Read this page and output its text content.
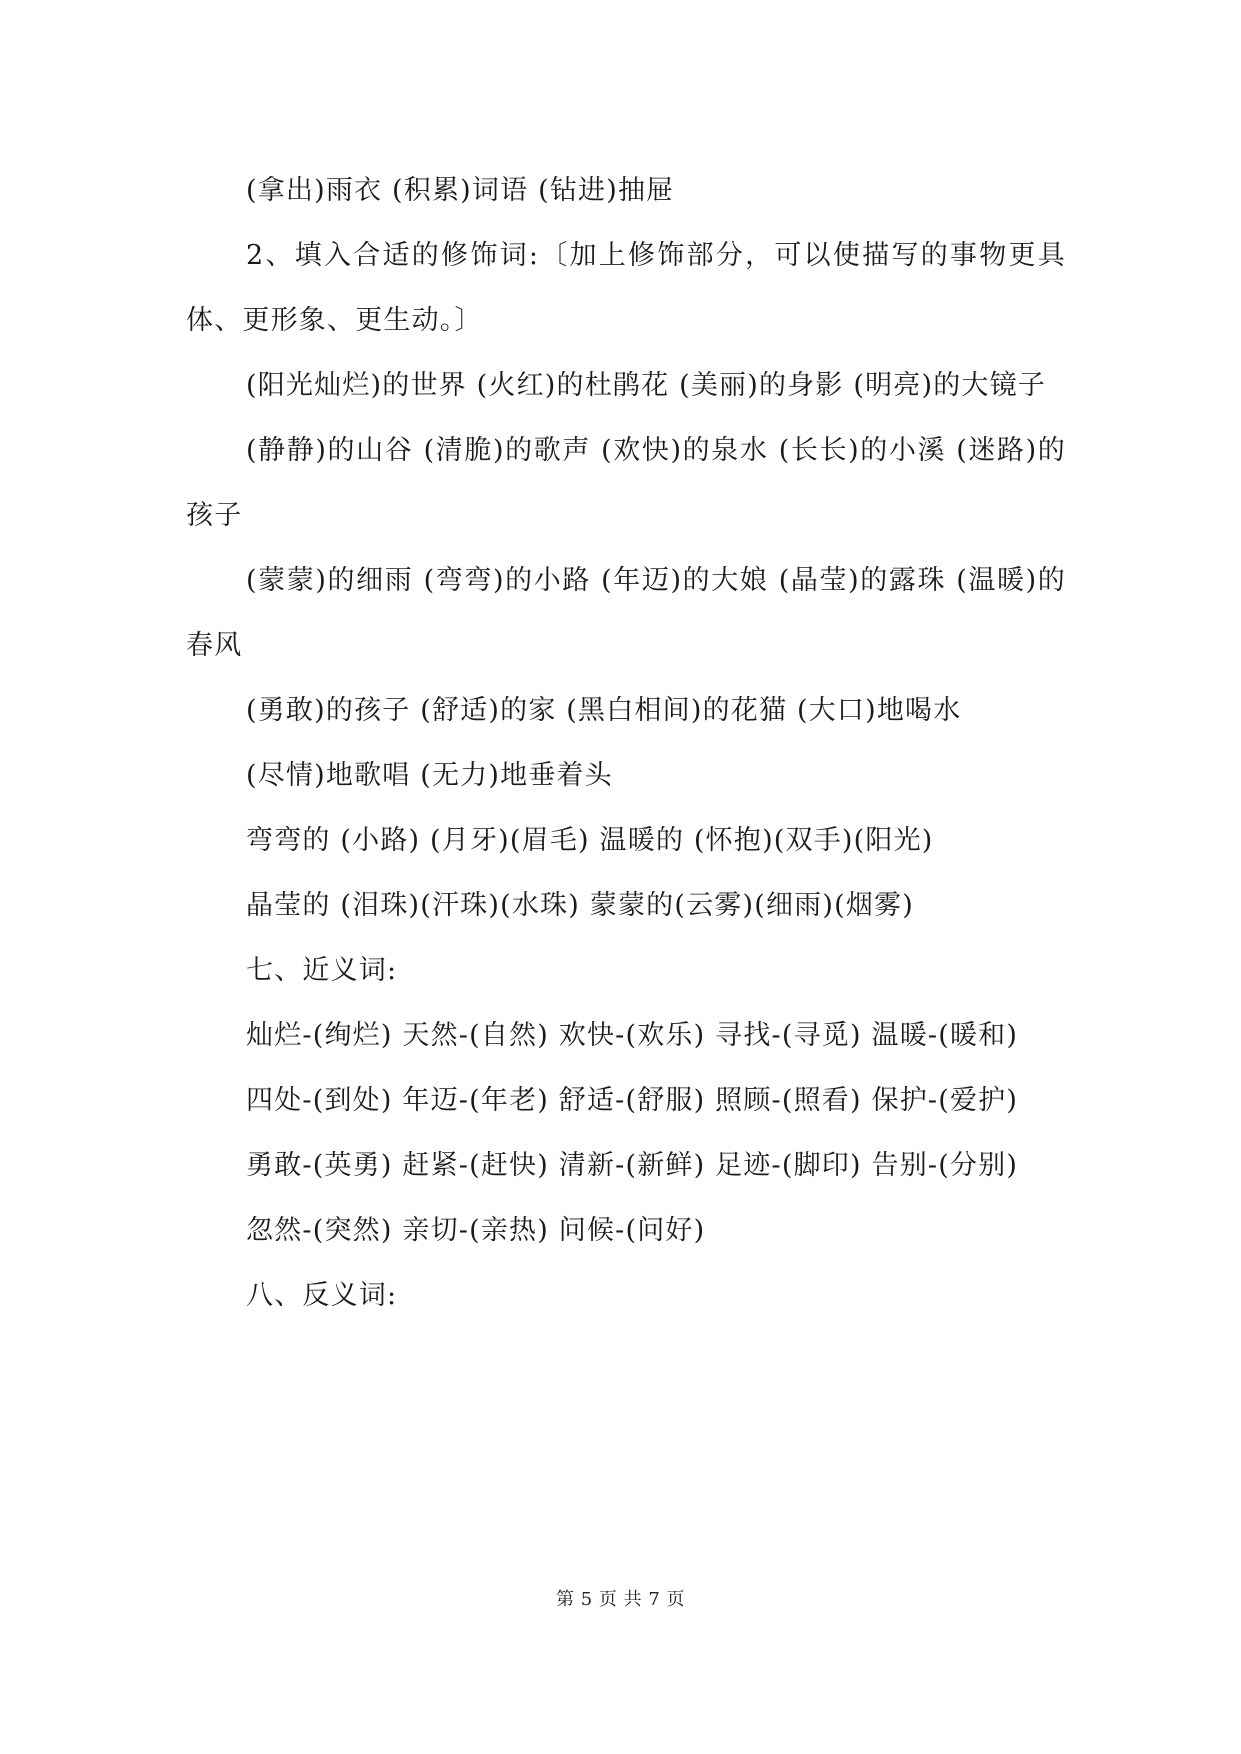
(拿出)雨衣 (积累)词语 (钻进)抽屉

2、填入合适的修饰词:〔加上修饰部分，可以使描写的事物更具体、更形象、更生动。〕

(阳光灿烂)的世界 (火红)的杜鹃花 (美丽)的身影 (明亮)的大镜子

(静静)的山谷 (清脆)的歌声 (欢快)的泉水 (长长)的小溪 (迷路)的孩子

(蒙蒙)的细雨 (弯弯)的小路 (年迈)的大娘 (晶莹)的露珠 (温暖)的春风

(勇敢)的孩子 (舒适)的家 (黑白相间)的花猫 (大口)地喝水

(尽情)地歌唱 (无力)地垂着头

弯弯的 (小路) (月牙)(眉毛) 温暖的 (怀抱)(双手)(阳光)

晶莹的 (泪珠)(汗珠)(水珠) 蒙蒙的(云雾)(细雨)(烟雾)

七、近义词:

灿烂-(绚烂) 天然-(自然) 欢快-(欢乐) 寻找-(寻觅) 温暖-(暖和)

四处-(到处) 年迈-(年老) 舒适-(舒服) 照顾-(照看) 保护-(爱护)

勇敢-(英勇) 赶紧-(赶快) 清新-(新鲜) 足迹-(脚印) 告别-(分别)

忽然-(突然) 亲切-(亲热) 问候-(问好)

八、反义词:

第 5 页 共 7 页
